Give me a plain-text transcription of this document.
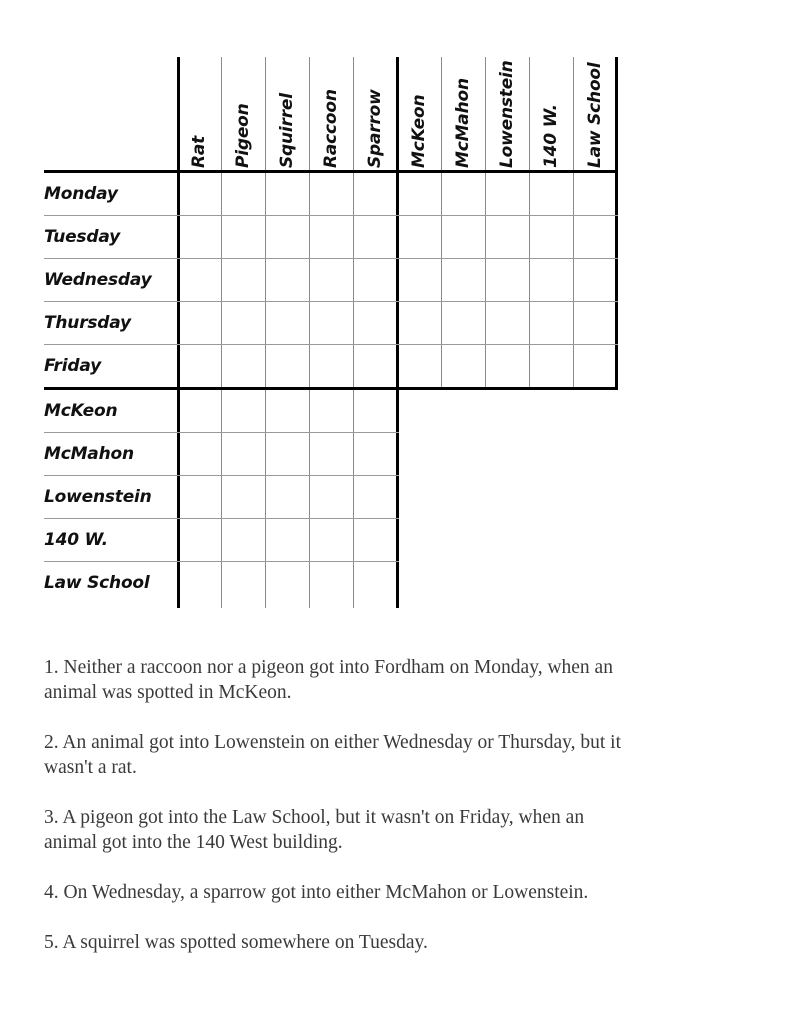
Rat Pigeon Squirrel Raccoon Sparrow McKeon McMahon Lowenstein 140 W. Law School
Monday
Tuesday
Wednesday
Thursday
Friday
McKeon
McMahon
Lowenstein
140 W.
Law School

1. Neither a raccoon nor a pigeon got into Fordham on Monday, when an animal was spotted in McKeon.

2. An animal got into Lowenstein on either Wednesday or Thursday, but it wasn't a rat.

3. A pigeon got into the Law School, but it wasn't on Friday, when an animal got into the 140 West building.

4. On Wednesday, a sparrow got into either McMahon or Lowenstein.

5. A squirrel was spotted somewhere on Tuesday.
